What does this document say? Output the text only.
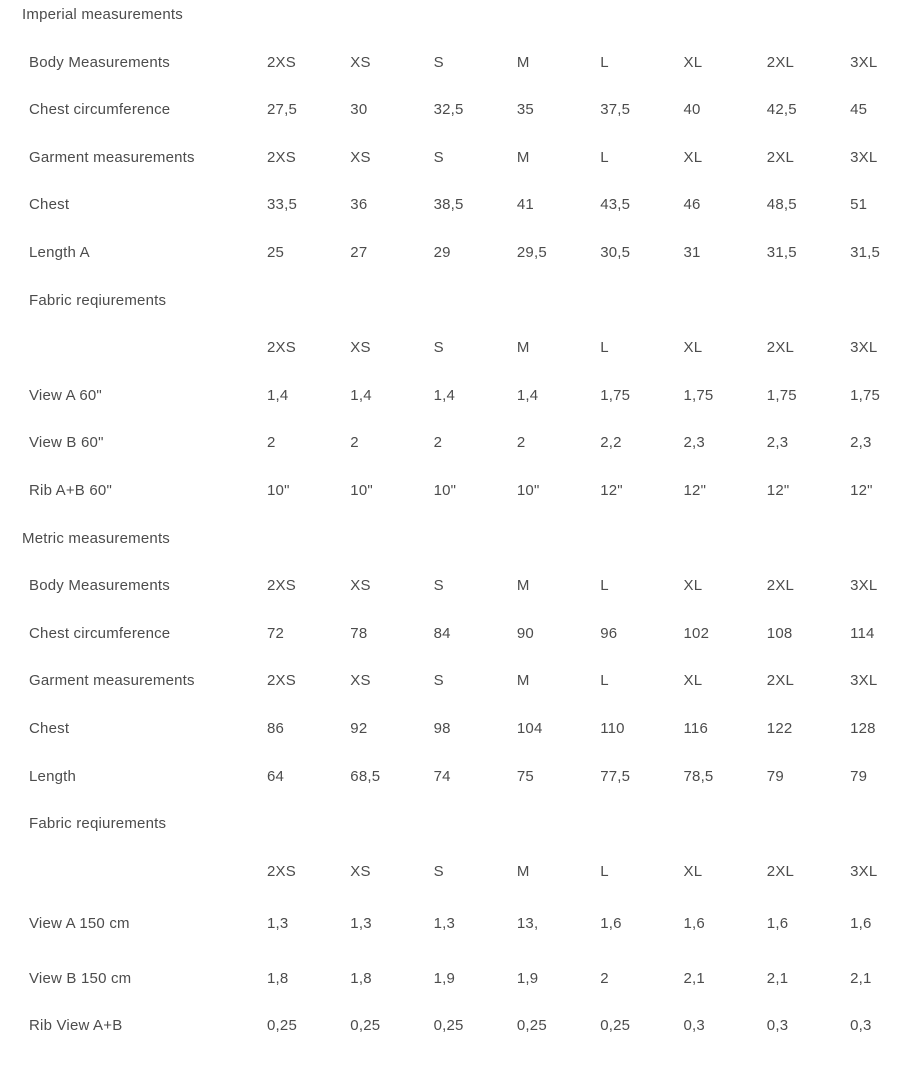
Imperial measurements
Body Measurements	2XS	XS	S	M	L	XL	2XL	3XL
Chest circumference	27,5	30	32,5	35	37,5	40	42,5	45
Garment measurements	2XS	XS	S	M	L	XL	2XL	3XL
Chest	33,5	36	38,5	41	43,5	46	48,5	51
Length A	25	27	29	29,5	30,5	31	31,5	31,5
Fabric reqiurements
2XS	XS	S	M	L	XL	2XL	3XL
View A 60"	1,4	1,4	1,4	1,4	1,75	1,75	1,75	1,75
View B 60"	2	2	2	2	2,2	2,3	2,3	2,3
Rib A+B 60"	10"	10"	10"	10"	12"	12"	12"	12"
Metric measurements
Body Measurements	2XS	XS	S	M	L	XL	2XL	3XL
Chest circumference	72	78	84	90	96	102	108	114
Garment measurements	2XS	XS	S	M	L	XL	2XL	3XL
Chest	86	92	98	104	110	116	122	128
Length	64	68,5	74	75	77,5	78,5	79	79
Fabric reqiurements
2XS	XS	S	M	L	XL	2XL	3XL
View A 150 cm	1,3	1,3	1,3	13,	1,6	1,6	1,6	1,6
View B 150 cm	1,8	1,8	1,9	1,9	2	2,1	2,1	2,1
Rib View A+B	0,25	0,25	0,25	0,25	0,25	0,3	0,3	0,3
